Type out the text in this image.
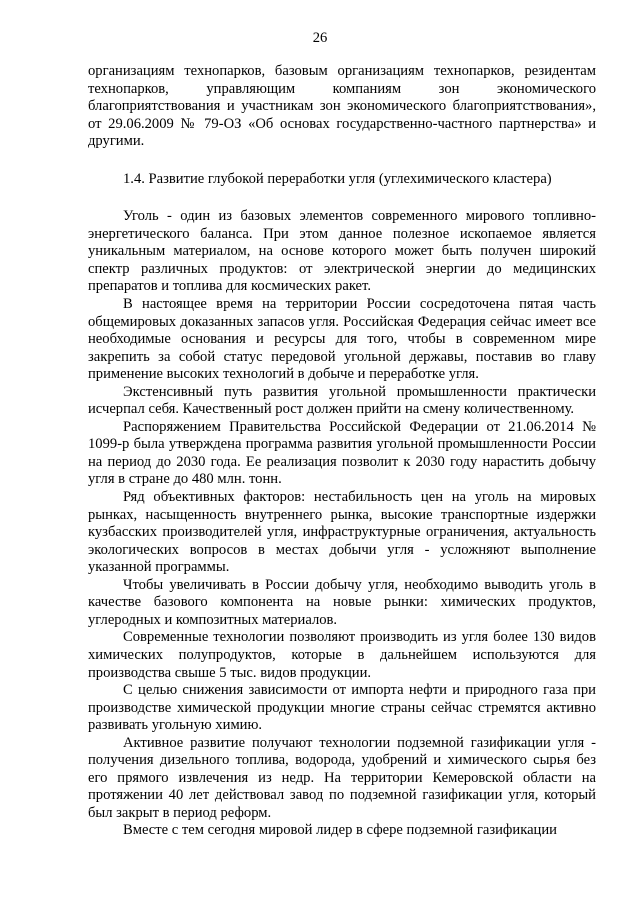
26

организациям технопарков, базовым организациям технопарков, резидентам технопарков, управляющим компаниям зон экономического благоприятствования и участникам зон экономического благоприятствования», от 29.06.2009 № 79-ОЗ «Об основах государственно-частного партнерства» и другими.

1.4. Развитие глубокой переработки угля (углехимического кластера)

Уголь - один из базовых элементов современного мирового топливно-энергетического баланса. При этом данное полезное ископаемое является уникальным материалом, на основе которого может быть получен широкий спектр различных продуктов: от электрической энергии до медицинских препаратов и топлива для космических ракет.

В настоящее время на территории России сосредоточена пятая часть общемировых доказанных запасов угля. Российская Федерация сейчас имеет все необходимые основания и ресурсы для того, чтобы в современном мире закрепить за собой статус передовой угольной державы, поставив во главу применение высоких технологий в добыче и переработке угля.

Экстенсивный путь развития угольной промышленности практически исчерпал себя. Качественный рост должен прийти на смену количественному.

Распоряжением Правительства Российской Федерации от 21.06.2014 № 1099-р была утверждена программа развития угольной промышленности России на период до 2030 года. Ее реализация позволит к 2030 году нарастить добычу угля в стране до 480 млн. тонн.

Ряд объективных факторов: нестабильность цен на уголь на мировых рынках, насыщенность внутреннего рынка, высокие транспортные издержки кузбасских производителей угля, инфраструктурные ограничения, актуальность экологических вопросов в местах добычи угля - усложняют выполнение указанной программы.

Чтобы увеличивать в России добычу угля, необходимо выводить уголь в качестве базового компонента на новые рынки: химических продуктов, углеродных и композитных материалов.

Современные технологии позволяют производить из угля более 130 видов химических полупродуктов, которые в дальнейшем используются для производства свыше 5 тыс. видов продукции.

С целью снижения зависимости от импорта нефти и природного газа при производстве химической продукции многие страны сейчас стремятся активно развивать угольную химию.

Активное развитие получают технологии подземной газификации угля - получения дизельного топлива, водорода, удобрений и химического сырья без его прямого извлечения из недр. На территории Кемеровской области на протяжении 40 лет действовал завод по подземной газификации угля, который был закрыт в период реформ.

Вместе с тем сегодня мировой лидер в сфере подземной газификации
